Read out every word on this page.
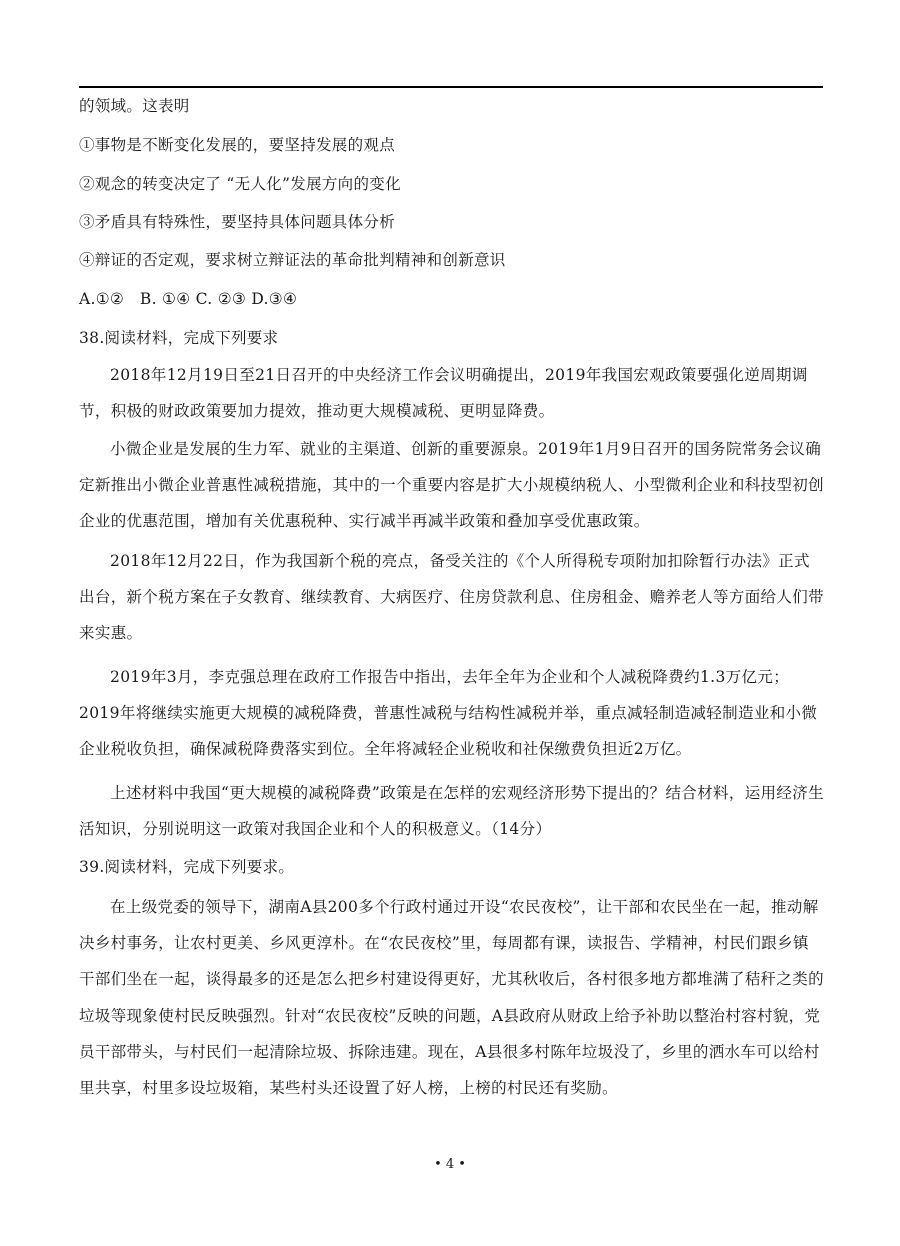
的领域。这表明
①事物是不断变化发展的，要坚持发展的观点
②观念的转变决定了 “无人化”发展方向的变化
③矛盾具有特殊性，要坚持具体问题具体分析
④辩证的否定观，要求树立辩证法的革命批判精神和创新意识
A.①②　B. ①④ C. ②③ D.③④
38.阅读材料，完成下列要求
2018年12月19日至21日召开的中央经济工作会议明确提出，2019年我国宏观政策要强化逆周期调节，积极的财政政策要加力提效，推动更大规模减税、更明显降费。
小微企业是发展的生力军、就业的主渠道、创新的重要源泉。2019年1月9日召开的国务院常务会议确定新推出小微企业普惠性减税措施，其中的一个重要内容是扩大小规模纳税人、小型微利企业和科技型初创企业的优惠范围，增加有关优惠税种、实行减半再减半政策和叠加享受优惠政策。
2018年12月22日，作为我国新个税的亮点，备受关注的《个人所得税专项附加扣除暂行办法》正式出台，新个税方案在子女教育、继续教育、大病医疗、住房贷款利息、住房租金、赡养老人等方面给人们带来实惠。
2019年3月，李克强总理在政府工作报告中指出，去年全年为企业和个人减税降费约1.3万亿元；2019年将继续实施更大规模的减税降费，普惠性减税与结构性减税并举，重点减轻制造减轻制造业和小微企业税收负担，确保减税降费落实到位。全年将减轻企业税收和社保缴费负担近2万亿。
上述材料中我国“更大规模的减税降费”政策是在怎样的宏观经济形势下提出的？结合材料，运用经济生活知识，分别说明这一政策对我国企业和个人的积极意义。（14分）
39.阅读材料，完成下列要求。
在上级党委的领导下，湖南A县200多个行政村通过开设“农民夜校”，让干部和农民坐在一起，推动解决乡村事务，让农村更美、乡风更淳朴。在“农民夜校”里，每周都有课，读报告、学精神，村民们跟乡镇干部们坐在一起，谈得最多的还是怎么把乡村建设得更好，尤其秋收后，各村很多地方都堆满了秸秆之类的垃圾等现象使村民反映强烈。针对“农民夜校”反映的问题，A县政府从财政上给予补助以整治村容村貌，党员干部带头，与村民们一起清除垃圾、拆除违建。现在，A县很多村陈年垃圾没了，乡里的洒水车可以给村里共享，村里多设垃圾箱，某些村头还设置了好人榜，上榜的村民还有奖励。
• 4 •
